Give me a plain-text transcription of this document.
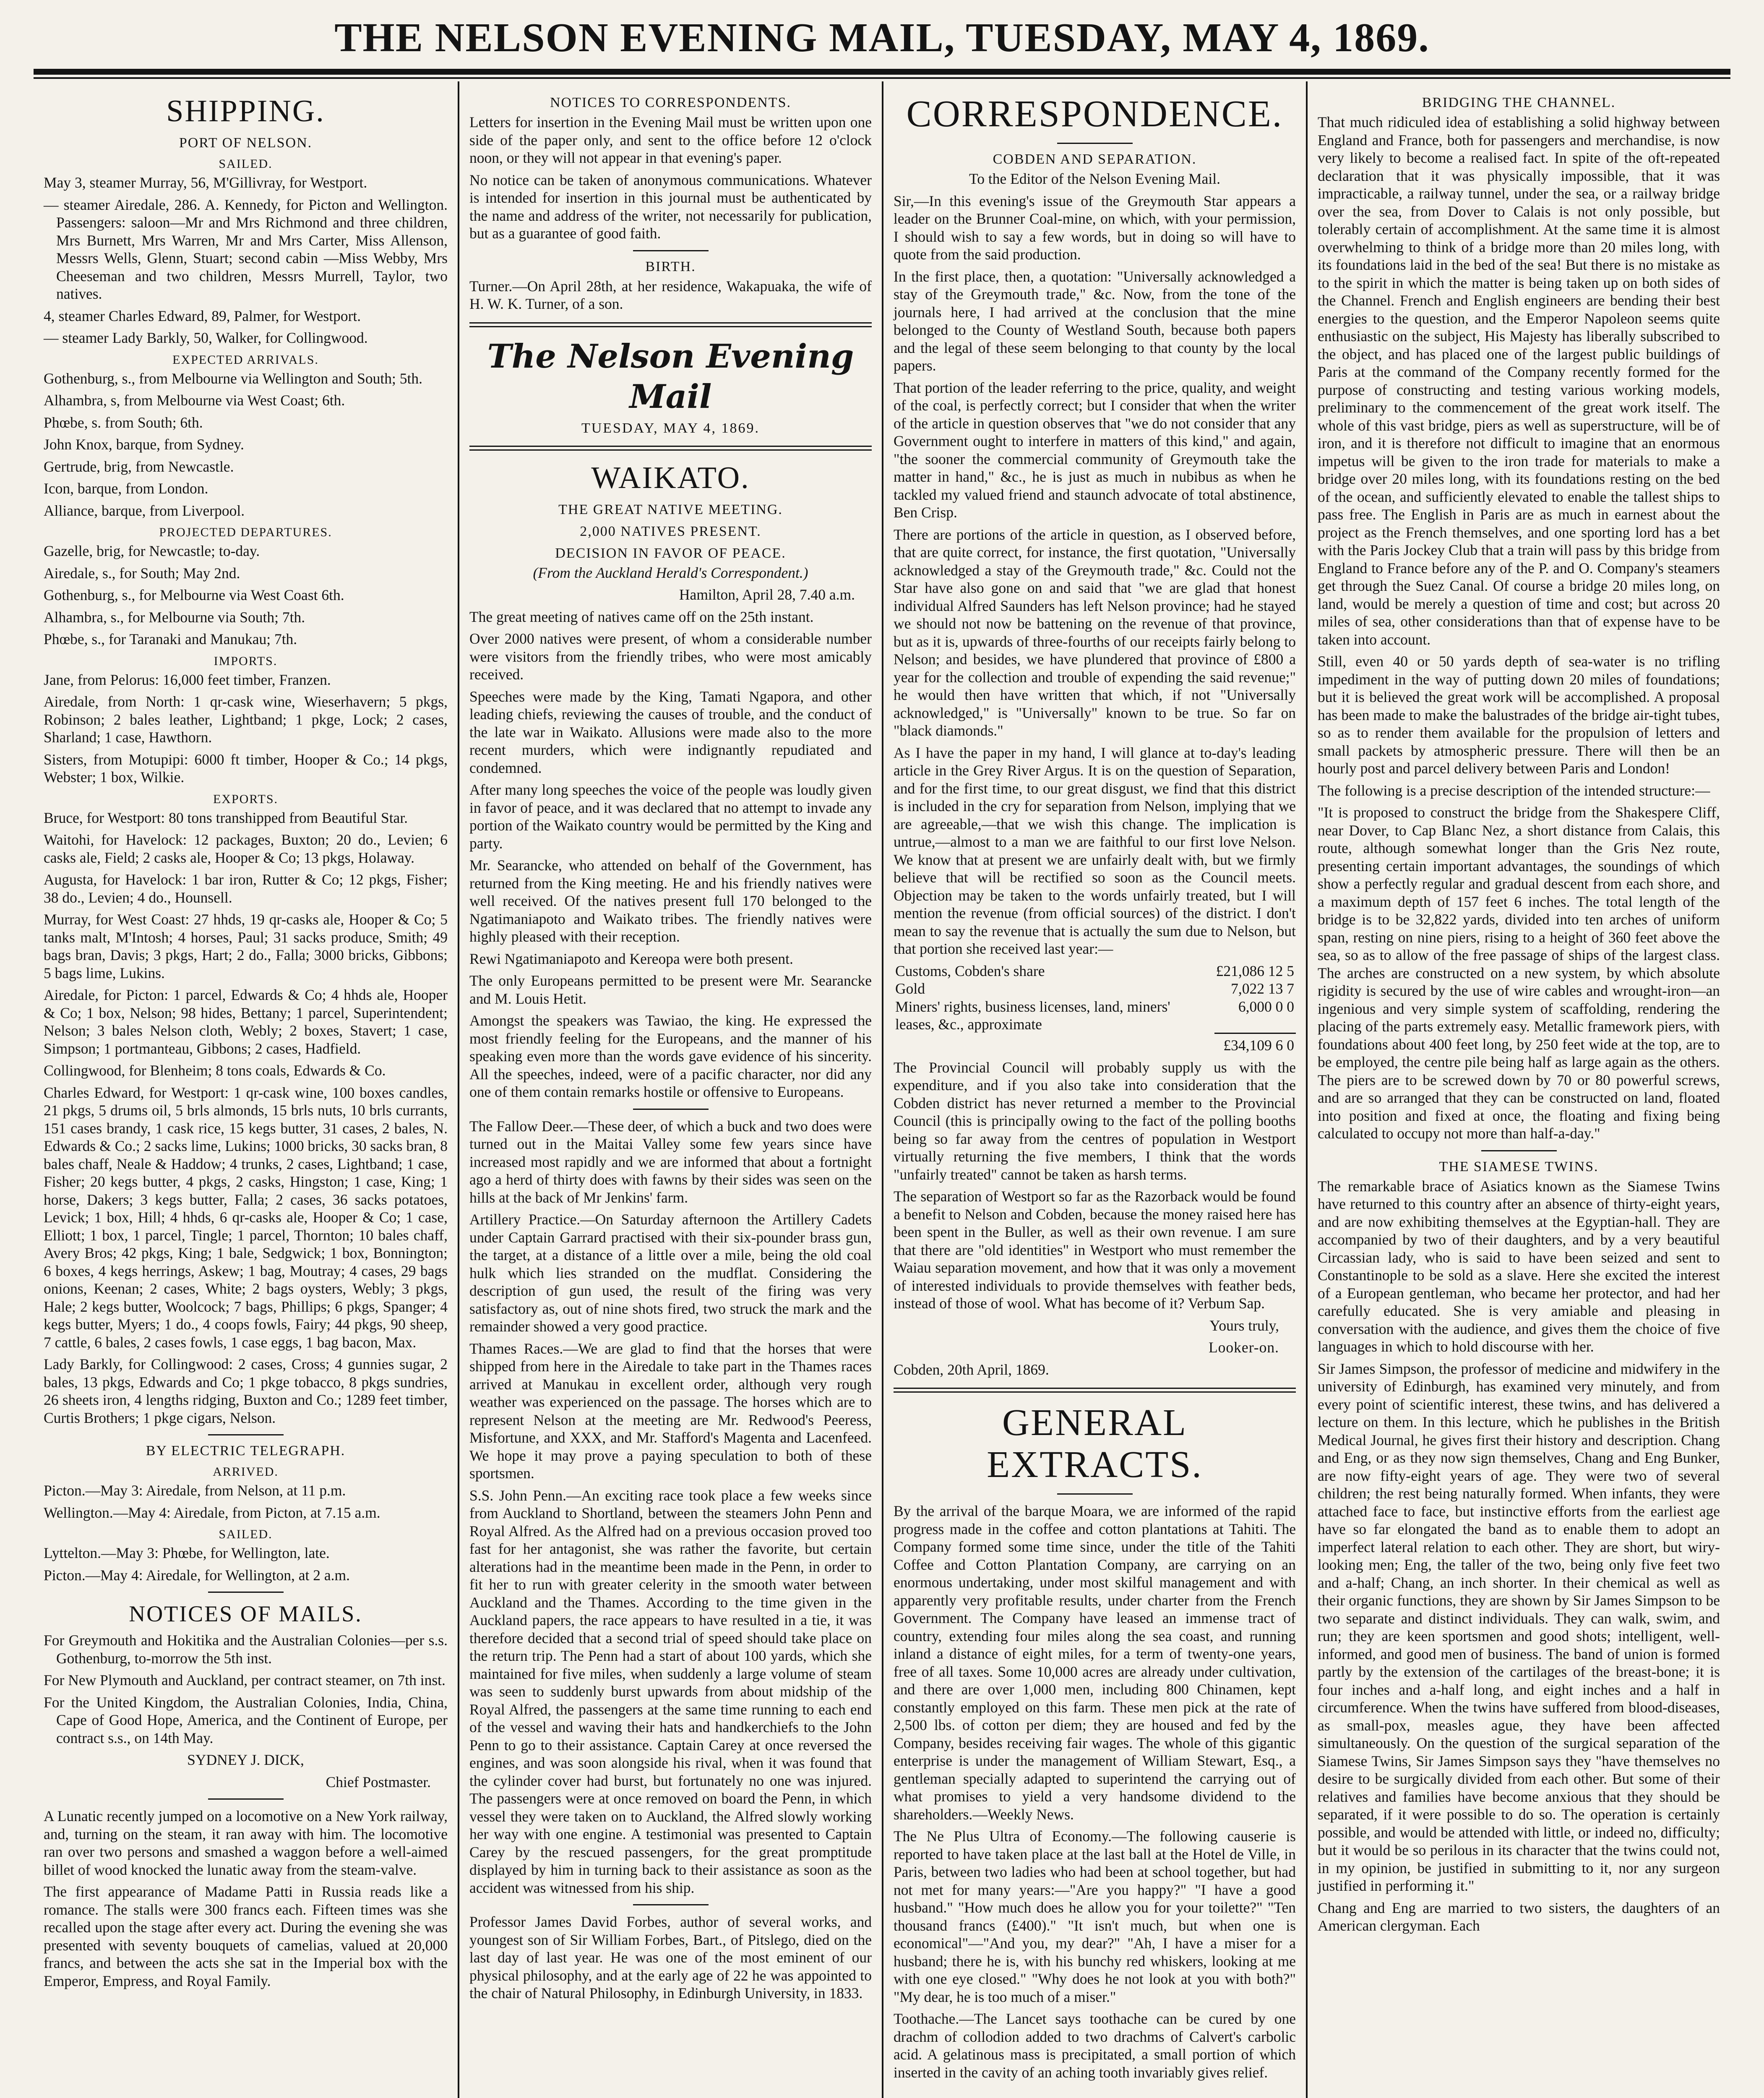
THE NELSON EVENING MAIL, TUESDAY, MAY 4, 1869.
SHIPPING.
PORT OF NELSON.
SAILED.

May 3, steamer Murray, 56, M'Gillivray, for Westport.

— steamer Airedale, 286. A. Kennedy, for Picton and Wellington. Passengers: saloon—Mr and Mrs Richmond and three children, Mrs Burnett, Mrs Warren, Mr and Mrs Carter, Miss Allenson, Messrs Wells, Glenn, Stuart; second cabin —Miss Webby, Mrs Cheeseman and two children, Messrs Murrell, Taylor, two natives.

4, steamer Charles Edward, 89, Palmer, for Westport.

— steamer Lady Barkly, 50, Walker, for Collingwood.

EXPECTED ARRIVALS.

Gothenburg, s., from Melbourne via Wellington and South; 5th.

Alhambra, s, from Melbourne via West Coast; 6th.

Phœbe, s. from South; 6th.

John Knox, barque, from Sydney.

Gertrude, brig, from Newcastle.

Icon, barque, from London.

Alliance, barque, from Liverpool.

PROJECTED DEPARTURES.

Gazelle, brig, for Newcastle; to-day.

Airedale, s., for South; May 2nd.

Gothenburg, s., for Melbourne via West Coast 6th.

Alhambra, s., for Melbourne via South; 7th.

Phœbe, s., for Taranaki and Manukau; 7th.

IMPORTS.

Jane, from Pelorus: 16,000 feet timber, Franzen.

Airedale, from North: 1 qr-cask wine, Wieserhavern; 5 pkgs, Robinson; 2 bales leather, Lightband; 1 pkge, Lock; 2 cases, Sharland; 1 case, Hawthorn.

Sisters, from Motupipi: 6000 ft timber, Hooper & Co.; 14 pkgs, Webster; 1 box, Wilkie.

EXPORTS.

Bruce, for Westport: 80 tons transhipped from Beautiful Star.

Waitohi, for Havelock: 12 packages, Buxton; 20 do., Levien; 6 casks ale, Field; 2 casks ale, Hooper & Co; 13 pkgs, Holaway.

Augusta, for Havelock: 1 bar iron, Rutter & Co; 12 pkgs, Fisher; 38 do., Levien; 4 do., Hounsell.

Murray, for West Coast: 27 hhds, 19 qr-casks ale, Hooper & Co; 5 tanks malt, M'Intosh; 4 horses, Paul; 31 sacks produce, Smith; 49 bags bran, Davis; 3 pkgs, Hart; 2 do., Falla; 3000 bricks, Gibbons; 5 bags lime, Lukins.

Airedale, for Picton: 1 parcel, Edwards & Co; 4 hhds ale, Hooper & Co; 1 box, Nelson; 98 hides, Bettany; 1 parcel, Superintendent; Nelson; 3 bales Nelson cloth, Webly; 2 boxes, Stavert; 1 case, Simpson; 1 portmanteau, Gibbons; 2 cases, Hadfield.

Collingwood, for Blenheim; 8 tons coals, Edwards & Co.

Charles Edward, for Westport: 1 qr-cask wine, 100 boxes candles, 21 pkgs, 5 drums oil, 5 brls almonds, 15 brls nuts, 10 brls currants, 151 cases brandy, 1 cask rice, 15 kegs butter, 31 cases, 2 bales, N. Edwards & Co.; 2 sacks lime, Lukins; 1000 bricks, 30 sacks bran, 8 bales chaff, Neale & Haddow; 4 trunks, 2 cases, Lightband; 1 case, Fisher; 20 kegs butter, 4 pkgs, 2 casks, Hingston; 1 case, King; 1 horse, Dakers; 3 kegs butter, Falla; 2 cases, 36 sacks potatoes, Levick; 1 box, Hill; 4 hhds, 6 qr-casks ale, Hooper & Co; 1 case, Elliott; 1 box, 1 parcel, Tingle; 1 parcel, Thornton; 10 bales chaff, Avery Bros; 42 pkgs, King; 1 bale, Sedgwick; 1 box, Bonnington; 6 boxes, 4 kegs herrings, Askew; 1 bag, Moutray; 4 cases, 29 bags onions, Keenan; 2 cases, White; 2 bags oysters, Webly; 3 pkgs, Hale; 2 kegs butter, Woolcock; 7 bags, Phillips; 6 pkgs, Spanger; 4 kegs butter, Myers; 1 do., 4 coops fowls, Fairy; 44 pkgs, 90 sheep, 7 cattle, 6 bales, 2 cases fowls, 1 case eggs, 1 bag bacon, Max.

Lady Barkly, for Collingwood: 2 cases, Cross; 4 gunnies sugar, 2 bales, 13 pkgs, Edwards and Co; 1 pkge tobacco, 8 pkgs sundries, 26 sheets iron, 4 lengths ridging, Buxton and Co.; 1289 feet timber, Curtis Brothers; 1 pkge cigars, Nelson.

BY ELECTRIC TELEGRAPH.
ARRIVED.

Picton.—May 3: Airedale, from Nelson, at 11 p.m.

Wellington.—May 4: Airedale, from Picton, at 7.15 a.m.

SAILED.

Lyttelton.—May 3: Phœbe, for Wellington, late.

Picton.—May 4: Airedale, for Wellington, at 2 a.m.

NOTICES OF MAILS.

For Greymouth and Hokitika and the Australian Colonies—per s.s. Gothenburg, to-morrow the 5th inst.

For New Plymouth and Auckland, per contract steamer, on 7th inst.

For the United Kingdom, the Australian Colonies, India, China, Cape of Good Hope, America, and the Continent of Europe, per contract s.s., on 14th May.

SYDNEY J. DICK,

Chief Postmaster.

A Lunatic recently jumped on a locomotive on a New York railway, and, turning on the steam, it ran away with him. The locomotive ran over two persons and smashed a waggon before a well-aimed billet of wood knocked the lunatic away from the steam-valve.

The first appearance of Madame Patti in Russia reads like a romance. The stalls were 300 francs each. Fifteen times was she recalled upon the stage after every act. During the evening she was presented with seventy bouquets of camelias, valued at 20,000 francs, and between the acts she sat in the Imperial box with the Emperor, Empress, and Royal Family.

NOTICES TO CORRESPONDENTS.

Letters for insertion in the Evening Mail must be written upon one side of the paper only, and sent to the office before 12 o'clock noon, or they will not appear in that evening's paper.

No notice can be taken of anonymous communications. Whatever is intended for insertion in this journal must be authenticated by the name and address of the writer, not necessarily for publication, but as a guarantee of good faith.

BIRTH.

Turner.—On April 28th, at her residence, Wakapuaka, the wife of H. W. K. Turner, of a son.

The Nelson Evening Mail
TUESDAY, MAY 4, 1869.
WAIKATO.
THE GREAT NATIVE MEETING.
2,000 NATIVES PRESENT.
DECISION IN FAVOR OF PEACE.

(From the Auckland Herald's Correspondent.)

Hamilton, April 28, 7.40 a.m.

The great meeting of natives came off on the 25th instant.

Over 2000 natives were present, of whom a considerable number were visitors from the friendly tribes, who were most amicably received.

Speeches were made by the King, Tamati Ngapora, and other leading chiefs, reviewing the causes of trouble, and the conduct of the late war in Waikato. Allusions were made also to the more recent murders, which were indignantly repudiated and condemned.

After many long speeches the voice of the people was loudly given in favor of peace, and it was declared that no attempt to invade any portion of the Waikato country would be permitted by the King and party.

Mr. Searancke, who attended on behalf of the Government, has returned from the King meeting. He and his friendly natives were well received. Of the natives present full 170 belonged to the Ngatimaniapoto and Waikato tribes. The friendly natives were highly pleased with their reception.

Rewi Ngatimaniapoto and Kereopa were both present.

The only Europeans permitted to be present were Mr. Searancke and M. Louis Hetit.

Amongst the speakers was Tawiao, the king. He expressed the most friendly feeling for the Europeans, and the manner of his speaking even more than the words gave evidence of his sincerity. All the speeches, indeed, were of a pacific character, nor did any one of them contain remarks hostile or offensive to Europeans.

The Fallow Deer.—These deer, of which a buck and two does were turned out in the Maitai Valley some few years since have increased most rapidly and we are informed that about a fortnight ago a herd of thirty does with fawns by their sides was seen on the hills at the back of Mr Jenkins' farm.

Artillery Practice.—On Saturday afternoon the Artillery Cadets under Captain Garrard practised with their six-pounder brass gun, the target, at a distance of a little over a mile, being the old coal hulk which lies stranded on the mudflat. Considering the description of gun used, the result of the firing was very satisfactory as, out of nine shots fired, two struck the mark and the remainder showed a very good practice.

Thames Races.—We are glad to find that the horses that were shipped from here in the Airedale to take part in the Thames races arrived at Manukau in excellent order, although very rough weather was experienced on the passage. The horses which are to represent Nelson at the meeting are Mr. Redwood's Peeress, Misfortune, and XXX, and Mr. Stafford's Magenta and Lacenfeed. We hope it may prove a paying speculation to both of these sportsmen.

S.S. John Penn.—An exciting race took place a few weeks since from Auckland to Shortland, between the steamers John Penn and Royal Alfred. As the Alfred had on a previous occasion proved too fast for her antagonist, she was rather the favorite, but certain alterations had in the meantime been made in the Penn, in order to fit her to run with greater celerity in the smooth water between Auckland and the Thames. According to the time given in the Auckland papers, the race appears to have resulted in a tie, it was therefore decided that a second trial of speed should take place on the return trip. The Penn had a start of about 100 yards, which she maintained for five miles, when suddenly a large volume of steam was seen to suddenly burst upwards from about midship of the Royal Alfred, the passengers at the same time running to each end of the vessel and waving their hats and handkerchiefs to the John Penn to go to their assistance. Captain Carey at once reversed the engines, and was soon alongside his rival, when it was found that the cylinder cover had burst, but fortunately no one was injured. The passengers were at once removed on board the Penn, in which vessel they were taken on to Auckland, the Alfred slowly working her way with one engine. A testimonial was presented to Captain Carey by the rescued passengers, for the great promptitude displayed by him in turning back to their assistance as soon as the accident was witnessed from his ship.

Professor James David Forbes, author of several works, and youngest son of Sir William Forbes, Bart., of Pitslego, died on the last day of last year. He was one of the most eminent of our physical philosophy, and at the early age of 22 he was appointed to the chair of Natural Philosophy, in Edinburgh University, in 1833.

CORRESPONDENCE.
COBDEN AND SEPARATION.

To the Editor of the Nelson Evening Mail.

Sir,—In this evening's issue of the Greymouth Star appears a leader on the Brunner Coal-mine, on which, with your permission, I should wish to say a few words, but in doing so will have to quote from the said production.

In the first place, then, a quotation: "Universally acknowledged a stay of the Greymouth trade," &c. Now, from the tone of the journals here, I had arrived at the conclusion that the mine belonged to the County of Westland South, because both papers and the legal of these seem belonging to that county by the local papers.

That portion of the leader referring to the price, quality, and weight of the coal, is perfectly correct; but I consider that when the writer of the article in question observes that "we do not consider that any Government ought to interfere in matters of this kind," and again, "the sooner the commercial community of Greymouth take the matter in hand," &c., he is just as much in nubibus as when he tackled my valued friend and staunch advocate of total abstinence, Ben Crisp.

There are portions of the article in question, as I observed before, that are quite correct, for instance, the first quotation, "Universally acknowledged a stay of the Greymouth trade," &c. Could not the Star have also gone on and said that "we are glad that honest individual Alfred Saunders has left Nelson province; had he stayed we should not now be battening on the revenue of that province, but as it is, upwards of three-fourths of our receipts fairly belong to Nelson; and besides, we have plundered that province of £800 a year for the collection and trouble of expending the said revenue;" he would then have written that which, if not "Universally acknowledged," is "Universally" known to be true. So far on "black diamonds."

As I have the paper in my hand, I will glance at to-day's leading article in the Grey River Argus. It is on the question of Separation, and for the first time, to our great disgust, we find that this district is included in the cry for separation from Nelson, implying that we are agreeable,—that we wish this change. The implication is untrue,—almost to a man we are faithful to our first love Nelson. We know that at present we are unfairly dealt with, but we firmly believe that will be rectified so soon as the Council meets. Objection may be taken to the words unfairly treated, but I will mention the revenue (from official sources) of the district. I don't mean to say the revenue that is actually the sum due to Nelson, but that portion she received last year:—

Customs, Cobden's share	£21,086 12 5
Gold	7,022 13 7
Miners' rights, business licenses, land, miners' leases, &c., approximate	6,000 0 0
	£34,109 6 0

The Provincial Council will probably supply us with the expenditure, and if you also take into consideration that the Cobden district has never returned a member to the Provincial Council (this is principally owing to the fact of the polling booths being so far away from the centres of population in Westport virtually returning the five members, I think that the words "unfairly treated" cannot be taken as harsh terms.

The separation of Westport so far as the Razorback would be found a benefit to Nelson and Cobden, because the money raised here has been spent in the Buller, as well as their own revenue. I am sure that there are "old identities" in Westport who must remember the Waiau separation movement, and how that it was only a movement of interested individuals to provide themselves with feather beds, instead of those of wool. What has become of it? Verbum Sap.

Yours truly,

Looker-on.

Cobden, 20th April, 1869.

GENERAL EXTRACTS.

By the arrival of the barque Moara, we are informed of the rapid progress made in the coffee and cotton plantations at Tahiti. The Company formed some time since, under the title of the Tahiti Coffee and Cotton Plantation Company, are carrying on an enormous undertaking, under most skilful management and with apparently very profitable results, under charter from the French Government. The Company have leased an immense tract of country, extending four miles along the sea coast, and running inland a distance of eight miles, for a term of twenty-one years, free of all taxes. Some 10,000 acres are already under cultivation, and there are over 1,000 men, including 800 Chinamen, kept constantly employed on this farm. These men pick at the rate of 2,500 lbs. of cotton per diem; they are housed and fed by the Company, besides receiving fair wages. The whole of this gigantic enterprise is under the management of William Stewart, Esq., a gentleman specially adapted to superintend the carrying out of what promises to yield a very handsome dividend to the shareholders.—Weekly News.

The Ne Plus Ultra of Economy.—The following causerie is reported to have taken place at the last ball at the Hotel de Ville, in Paris, between two ladies who had been at school together, but had not met for many years:—"Are you happy?" "I have a good husband." "How much does he allow you for your toilette?" "Ten thousand francs (£400)." "It isn't much, but when one is economical"—"And you, my dear?" "Ah, I have a miser for a husband; there he is, with his bunchy red whiskers, looking at me with one eye closed." "Why does he not look at you with both?" "My dear, he is too much of a miser."

Toothache.—The Lancet says toothache can be cured by one drachm of collodion added to two drachms of Calvert's carbolic acid. A gelatinous mass is precipitated, a small portion of which inserted in the cavity of an aching tooth invariably gives relief.

BRIDGING THE CHANNEL.

That much ridiculed idea of establishing a solid highway between England and France, both for passengers and merchandise, is now very likely to become a realised fact. In spite of the oft-repeated declaration that it was physically impossible, that it was impracticable, a railway tunnel, under the sea, or a railway bridge over the sea, from Dover to Calais is not only possible, but tolerably certain of accomplishment. At the same time it is almost overwhelming to think of a bridge more than 20 miles long, with its foundations laid in the bed of the sea! But there is no mistake as to the spirit in which the matter is being taken up on both sides of the Channel. French and English engineers are bending their best energies to the question, and the Emperor Napoleon seems quite enthusiastic on the subject, His Majesty has liberally subscribed to the object, and has placed one of the largest public buildings of Paris at the command of the Company recently formed for the purpose of constructing and testing various working models, preliminary to the commencement of the great work itself. The whole of this vast bridge, piers as well as superstructure, will be of iron, and it is therefore not difficult to imagine that an enormous impetus will be given to the iron trade for materials to make a bridge over 20 miles long, with its foundations resting on the bed of the ocean, and sufficiently elevated to enable the tallest ships to pass free. The English in Paris are as much in earnest about the project as the French themselves, and one sporting lord has a bet with the Paris Jockey Club that a train will pass by this bridge from England to France before any of the P. and O. Company's steamers get through the Suez Canal. Of course a bridge 20 miles long, on land, would be merely a question of time and cost; but across 20 miles of sea, other considerations than that of expense have to be taken into account.

Still, even 40 or 50 yards depth of sea-water is no trifling impediment in the way of putting down 20 miles of foundations; but it is believed the great work will be accomplished. A proposal has been made to make the balustrades of the bridge air-tight tubes, so as to render them available for the propulsion of letters and small packets by atmospheric pressure. There will then be an hourly post and parcel delivery between Paris and London!

The following is a precise description of the intended structure:—

"It is proposed to construct the bridge from the Shakespere Cliff, near Dover, to Cap Blanc Nez, a short distance from Calais, this route, although somewhat longer than the Gris Nez route, presenting certain important advantages, the soundings of which show a perfectly regular and gradual descent from each shore, and a maximum depth of 157 feet 6 inches. The total length of the bridge is to be 32,822 yards, divided into ten arches of uniform span, resting on nine piers, rising to a height of 360 feet above the sea, so as to allow of the free passage of ships of the largest class. The arches are constructed on a new system, by which absolute rigidity is secured by the use of wire cables and wrought-iron—an ingenious and very simple system of scaffolding, rendering the placing of the parts extremely easy. Metallic framework piers, with foundations about 400 feet long, by 250 feet wide at the top, are to be employed, the centre pile being half as large again as the others. The piers are to be screwed down by 70 or 80 powerful screws, and are so arranged that they can be constructed on land, floated into position and fixed at once, the floating and fixing being calculated to occupy not more than half-a-day."

THE SIAMESE TWINS.

The remarkable brace of Asiatics known as the Siamese Twins have returned to this country after an absence of thirty-eight years, and are now exhibiting themselves at the Egyptian-hall. They are accompanied by two of their daughters, and by a very beautiful Circassian lady, who is said to have been seized and sent to Constantinople to be sold as a slave. Here she excited the interest of a European gentleman, who became her protector, and had her carefully educated. She is very amiable and pleasing in conversation with the audience, and gives them the choice of five languages in which to hold discourse with her.

Sir James Simpson, the professor of medicine and midwifery in the university of Edinburgh, has examined very minutely, and from every point of scientific interest, these twins, and has delivered a lecture on them. In this lecture, which he publishes in the British Medical Journal, he gives first their history and description. Chang and Eng, or as they now sign themselves, Chang and Eng Bunker, are now fifty-eight years of age. They were two of several children; the rest being naturally formed. When infants, they were attached face to face, but instinctive efforts from the earliest age have so far elongated the band as to enable them to adopt an imperfect lateral relation to each other. They are short, but wiry-looking men; Eng, the taller of the two, being only five feet two and a-half; Chang, an inch shorter. In their chemical as well as their organic functions, they are shown by Sir James Simpson to be two separate and distinct individuals. They can walk, swim, and run; they are keen sportsmen and good shots; intelligent, well-informed, and good men of business. The band of union is formed partly by the extension of the cartilages of the breast-bone; it is four inches and a-half long, and eight inches and a half in circumference. When the twins have suffered from blood-diseases, as small-pox, measles ague, they have been affected simultaneously. On the question of the surgical separation of the Siamese Twins, Sir James Simpson says they "have themselves no desire to be surgically divided from each other. But some of their relatives and families have become anxious that they should be separated, if it were possible to do so. The operation is certainly possible, and would be attended with little, or indeed no, difficulty; but it would be so perilous in its character that the twins could not, in my opinion, be justified in submitting to it, nor any surgeon justified in performing it."

Chang and Eng are married to two sisters, the daughters of an American clergyman. Each
